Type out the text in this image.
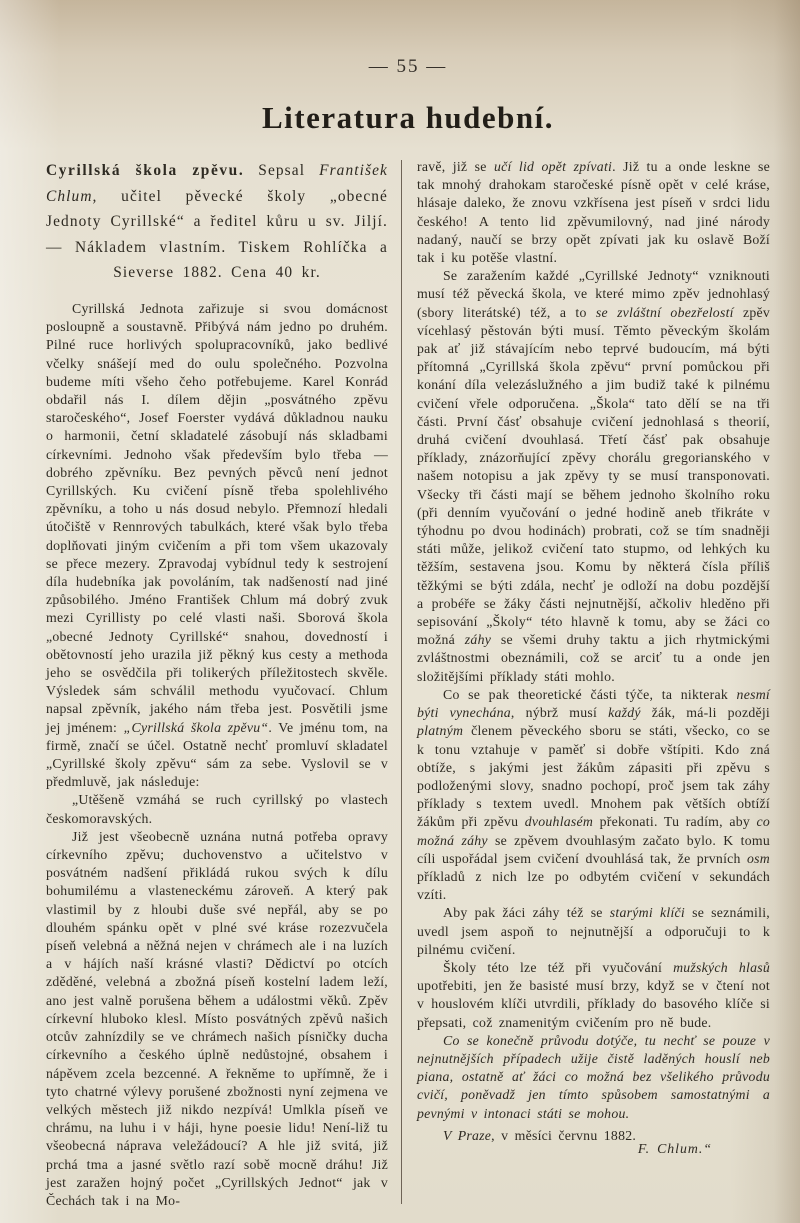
— 55 —
Literatura hudební.

Cyrillská škola zpěvu. Sepsal František Chlum, učitel pěvecké školy „obecné Jednoty Cyrillské“ a ředitel kůru u sv. Jiljí. — Nákladem vlastním. Tiskem Rohlíčka a Sieverse 1882. Cena 40 kr.

Cyrillská Jednota zařizuje si svou domácnost posloupně a soustavně. Přibývá nám jedno po druhém. Pilné ruce horlivých spolupracovníků, jako bedlivé včelky snášejí med do oulu společného. Pozvolna budeme míti všeho čeho potřebujeme. Karel Konrád obdařil nás I. dílem dějin „posvátného zpěvu staročeského“, Josef Foerster vydává důkladnou nauku o harmonii, četní skladatelé zásobují nás skladbami církevními. Jednoho však především bylo třeba — dobrého zpěvníku. Bez pevných pěvců není jednot Cyrillských. Ku cvičení písně třeba spolehlivého zpěvníku, a toho u nás dosud nebylo. Přemnozí hledali útočiště v Rennrových tabulkách, které však bylo třeba doplňovati jiným cvičením a při tom všem ukazovaly se přece mezery. Zpravodaj vybídnul tedy k sestrojení díla hudebníka jak povoláním, tak nadšeností nad jiné způsobilého. Jméno František Chlum má dobrý zvuk mezi Cyrillisty po celé vlasti naši. Sborová škola „obecné Jednoty Cyrillské“ snahou, dovedností i obětovností jeho urazila již pěkný kus cesty a methoda jeho se osvědčila při tolikerých příležitostech skvěle. Výsledek sám schválil methodu vyučovací. Chlum napsal zpěvník, jakého nám třeba jest. Posvětili jsme jej jménem: „Cyrillská škola zpěvu“. Ve jménu tom, na firmě, značí se účel. Ostatně nechť promluví skladatel „Cyrillské školy zpěvu“ sám za sebe. Vyslovil se v předmluvě, jak následuje:

„Utěšeně vzmáhá se ruch cyrillský po vlastech českomoravských.

Již jest všeobecně uznána nutná potřeba opravy církevního zpěvu; duchovenstvo a učitelstvo v posvátném nadšení přikládá rukou svých k dílu bohumilému a vlasteneckému zároveň. A který pak vlastimil by z hloubi duše své nepřál, aby se po dlouhém spánku opět v plné své kráse rozezvučela píseň velebná a něžná nejen v chrámech ale i na luzích a v hájích naší krásné vlasti? Dědictví po otcích zděděné, velebná a zbožná píseň kostelní ladem leží, ano jest valně porušena během a událostmi věků. Zpěv církevní hluboko klesl. Místo posvátných zpěvů našich otcův zahnízdily se ve chrámech našich písničky ducha církevního a českého úplně nedůstojné, obsahem i nápěvem zcela bezcenné. A řekněme to upřímně, že i tyto chatrné výlevy porušené zbožnosti nyní zejmena ve velkých městech již nikdo nezpívá! Umlkla píseň ve chrámu, na luhu i v háji, hyne poesie lidu! Není-liž tu všeobecná náprava veležádoucí? A hle již svitá, již prchá tma a jasné světlo razí sobě mocně dráhu! Již jest zaražen hojný počet „Cyrillských Jednot“ jak v Čechách tak i na Mo-

ravě, již se učí lid opět zpívati. Již tu a onde leskne se tak mnohý drahokam staročeské písně opět v celé kráse, hlásaje daleko, že znovu vzkřísena jest píseň v srdci lidu českého! A tento lid zpěvumilovný, nad jiné národy nadaný, naučí se brzy opět zpívati jak ku oslavě Boží tak i ku potěše vlastní.

Se zaražením každé „Cyrillské Jednoty“ vzniknouti musí též pěvecká škola, ve které mimo zpěv jednohlasý (sbory literátské) též, a to se zvláštní obezřelostí zpěv vícehlasý pěstován býti musí. Těmto pěveckým školám pak ať již stávajícím nebo teprvé budoucím, má býti přítomná „Cyrillská škola zpěvu“ první pomůckou při konání díla velezáslužného a jim budiž také k pilnému cvičení vřele odporučena. „Škola“ tato dělí se na tři části. První čásť obsahuje cvičení jednohlasá s theorií, druhá cvičení dvouhlasá. Třetí čásť pak obsahuje příklady, znázorňující zpěvy chorálu gregorianského v našem notopisu a jak zpěvy ty se musí transponovati. Všecky tři části mají se během jednoho školního roku (při denním vyučování o jedné hodině aneb třikráte v týhodnu po dvou hodinách) probrati, což se tím snadněji státi může, jelikož cvičení tato stupmo, od lehkých ku těžším, sestavena jsou. Komu by některá čísla příliš těžkými se býti zdála, nechť je odloží na dobu pozdější a probéře se žáky části nejnutnější, ačkoliv hleděno při sepisování „Školy“ této hlavně k tomu, aby se žáci co možná záhy se všemi druhy taktu a jich rhytmickými zvláštnostmi obeznámili, což se arciť tu a onde jen složitějšími příklady státi mohlo.

Co se pak theoretické části týče, ta nikterak nesmí býti vynechána, nýbrž musí každý žák, má-li později platným členem pěveckého sboru se státi, všecko, co se k tonu vztahuje v paměť si dobře vštípiti. Kdo zná obtíže, s jakými jest žákům zápasiti při zpěvu s podloženými slovy, snadno pochopí, proč jsem tak záhy příklady s textem uvedl. Mnohem pak větších obtíží žákům při zpěvu dvouhlasém překonati. Tu radím, aby co možná záhy se zpěvem dvouhlasým začato bylo. K tomu cíli uspořádal jsem cvičení dvouhlásá tak, že prvních osm příkladů z nich lze po odbytém cvičení v sekundách vzíti.

Aby pak žáci záhy též se starými klíči se seznámili, uvedl jsem aspoň to nejnutnější a odporučuji to k pilnému cvičení.

Školy této lze též při vyučování mužských hlasů upotřebiti, jen že basisté musí brzy, když se v čtení not v houslovém klíči utvrdili, příklady do basového klíče si přepsati, což znamenitým cvičením pro ně bude.

Co se konečně průvodu dotýče, tu nechť se pouze v nejnutnějších případech užije čistě laděných houslí neb piana, ostatně ať žáci co možná bez všelikého průvodu cvičí, poněvadž jen tímto spůsobem samostatnými a pevnými v intonaci státi se mohou.

V Praze, v měsíci červnu 1882.
F. Chlum.“
